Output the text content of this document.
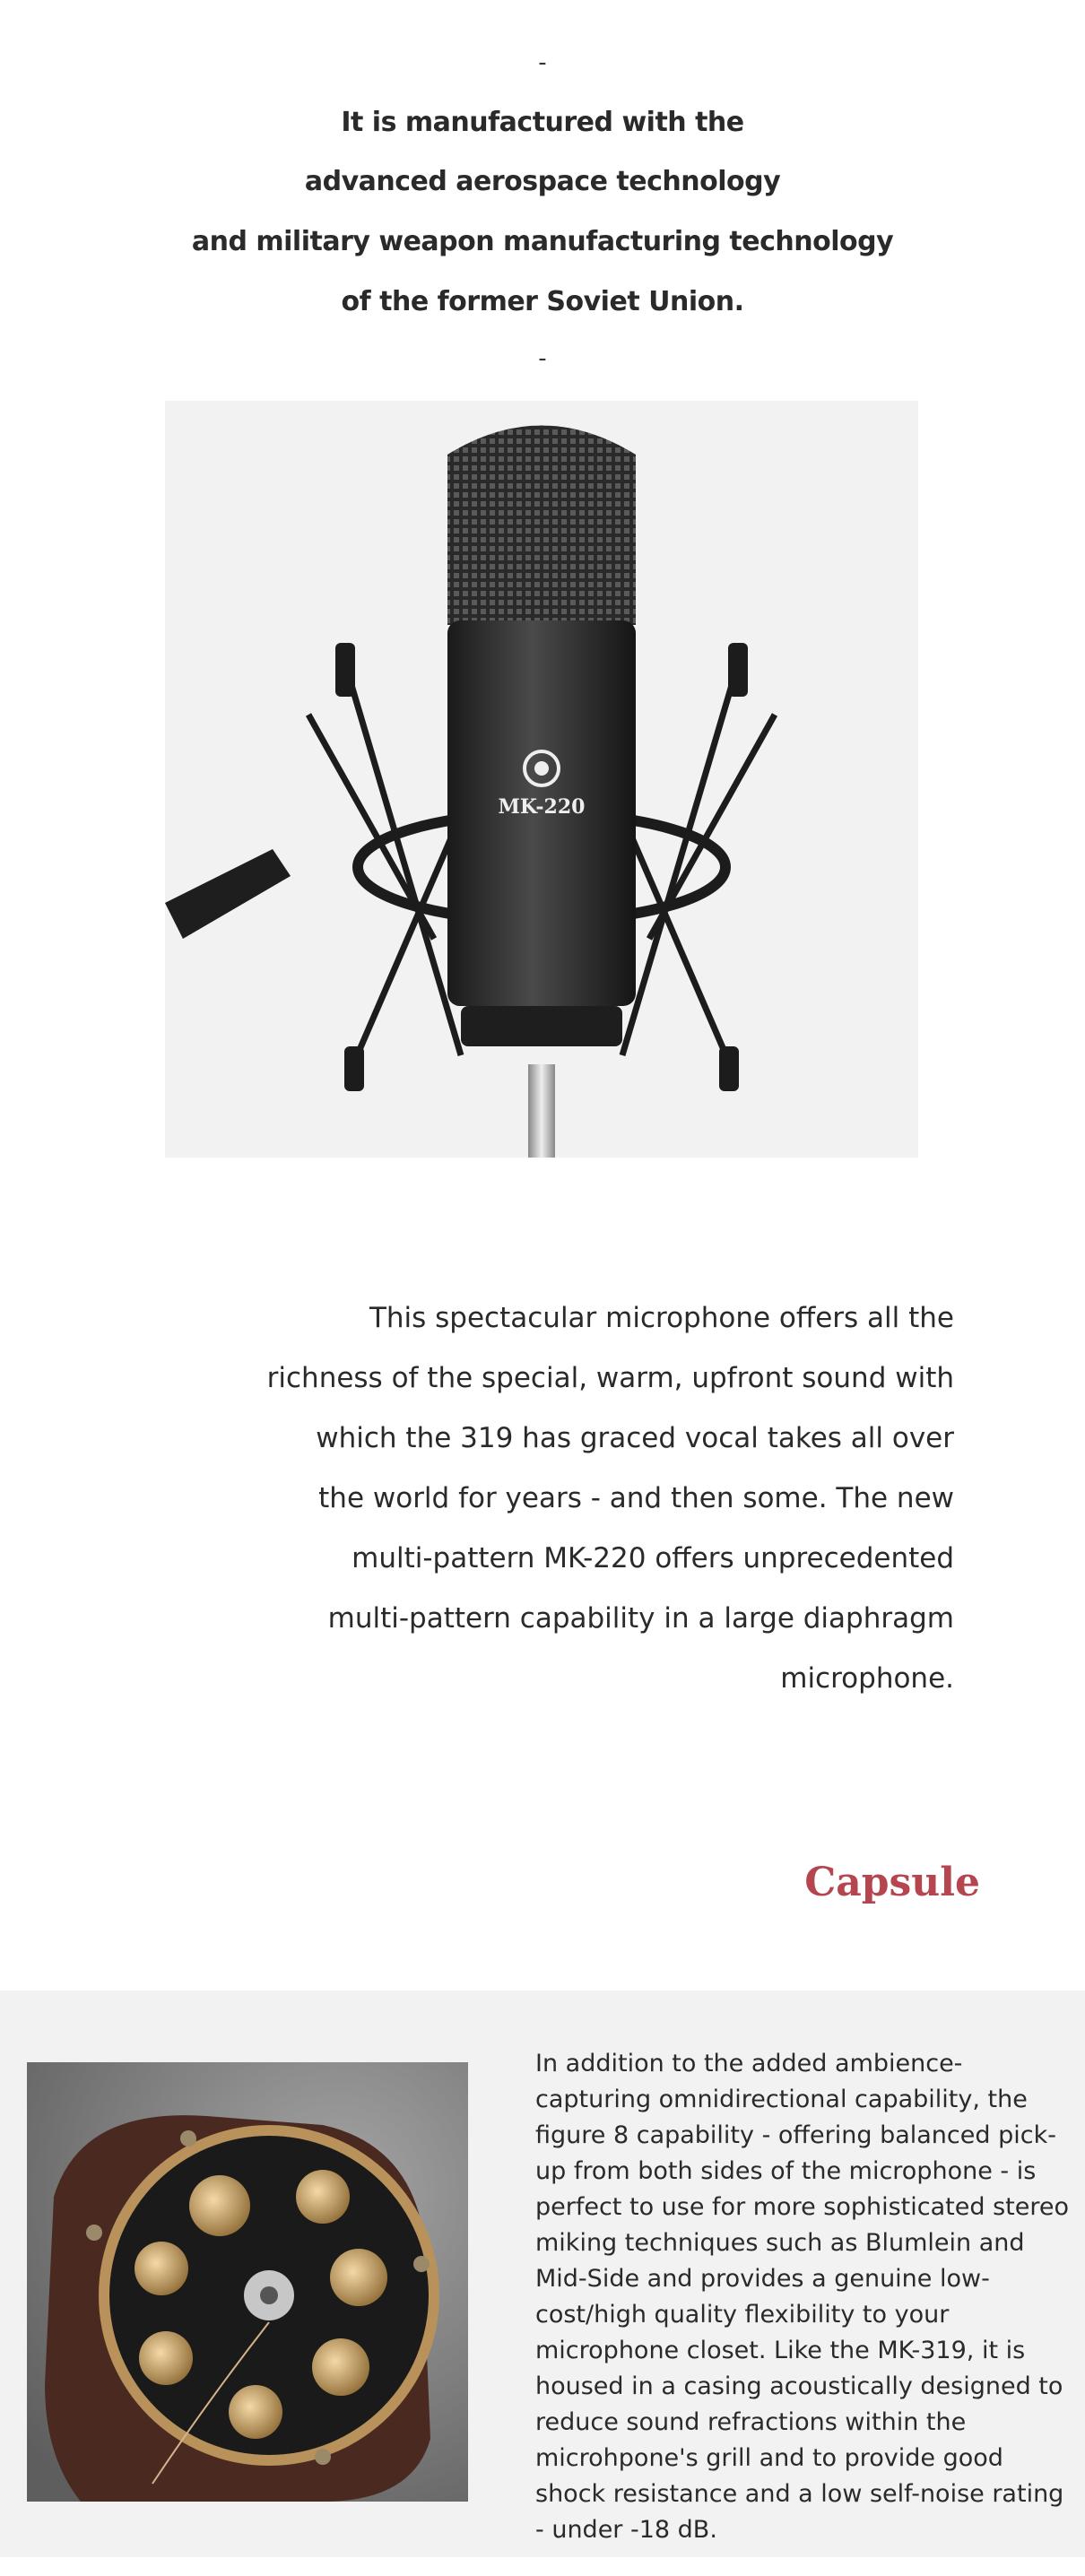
-
It is manufactured with the
advanced aerospace technology
and military weapon manufacturing technology
of the former Soviet Union.
-
MK-220
This spectacular microphone offers all the
richness of the special, warm, upfront sound with
which the 319 has graced vocal takes all over
the world for years - and then some. The new
multi-pattern MK-220 offers unprecedented
multi-pattern capability in a large diaphragm
microphone.
Capsule

In addition to the added ambience-capturing omnidirectional capability, the figure 8 capability - offering balanced pick-up from both sides of the microphone - is perfect to use for more sophisticated stereo miking techniques such as Blumlein and Mid-Side and provides a genuine low-cost/high quality flexibility to your microphone closet. Like the MK-319, it is housed in a casing acoustically designed to reduce sound refractions within the microhpone's grill and to provide good shock resistance and a low self-noise rating - under -18 dB.
